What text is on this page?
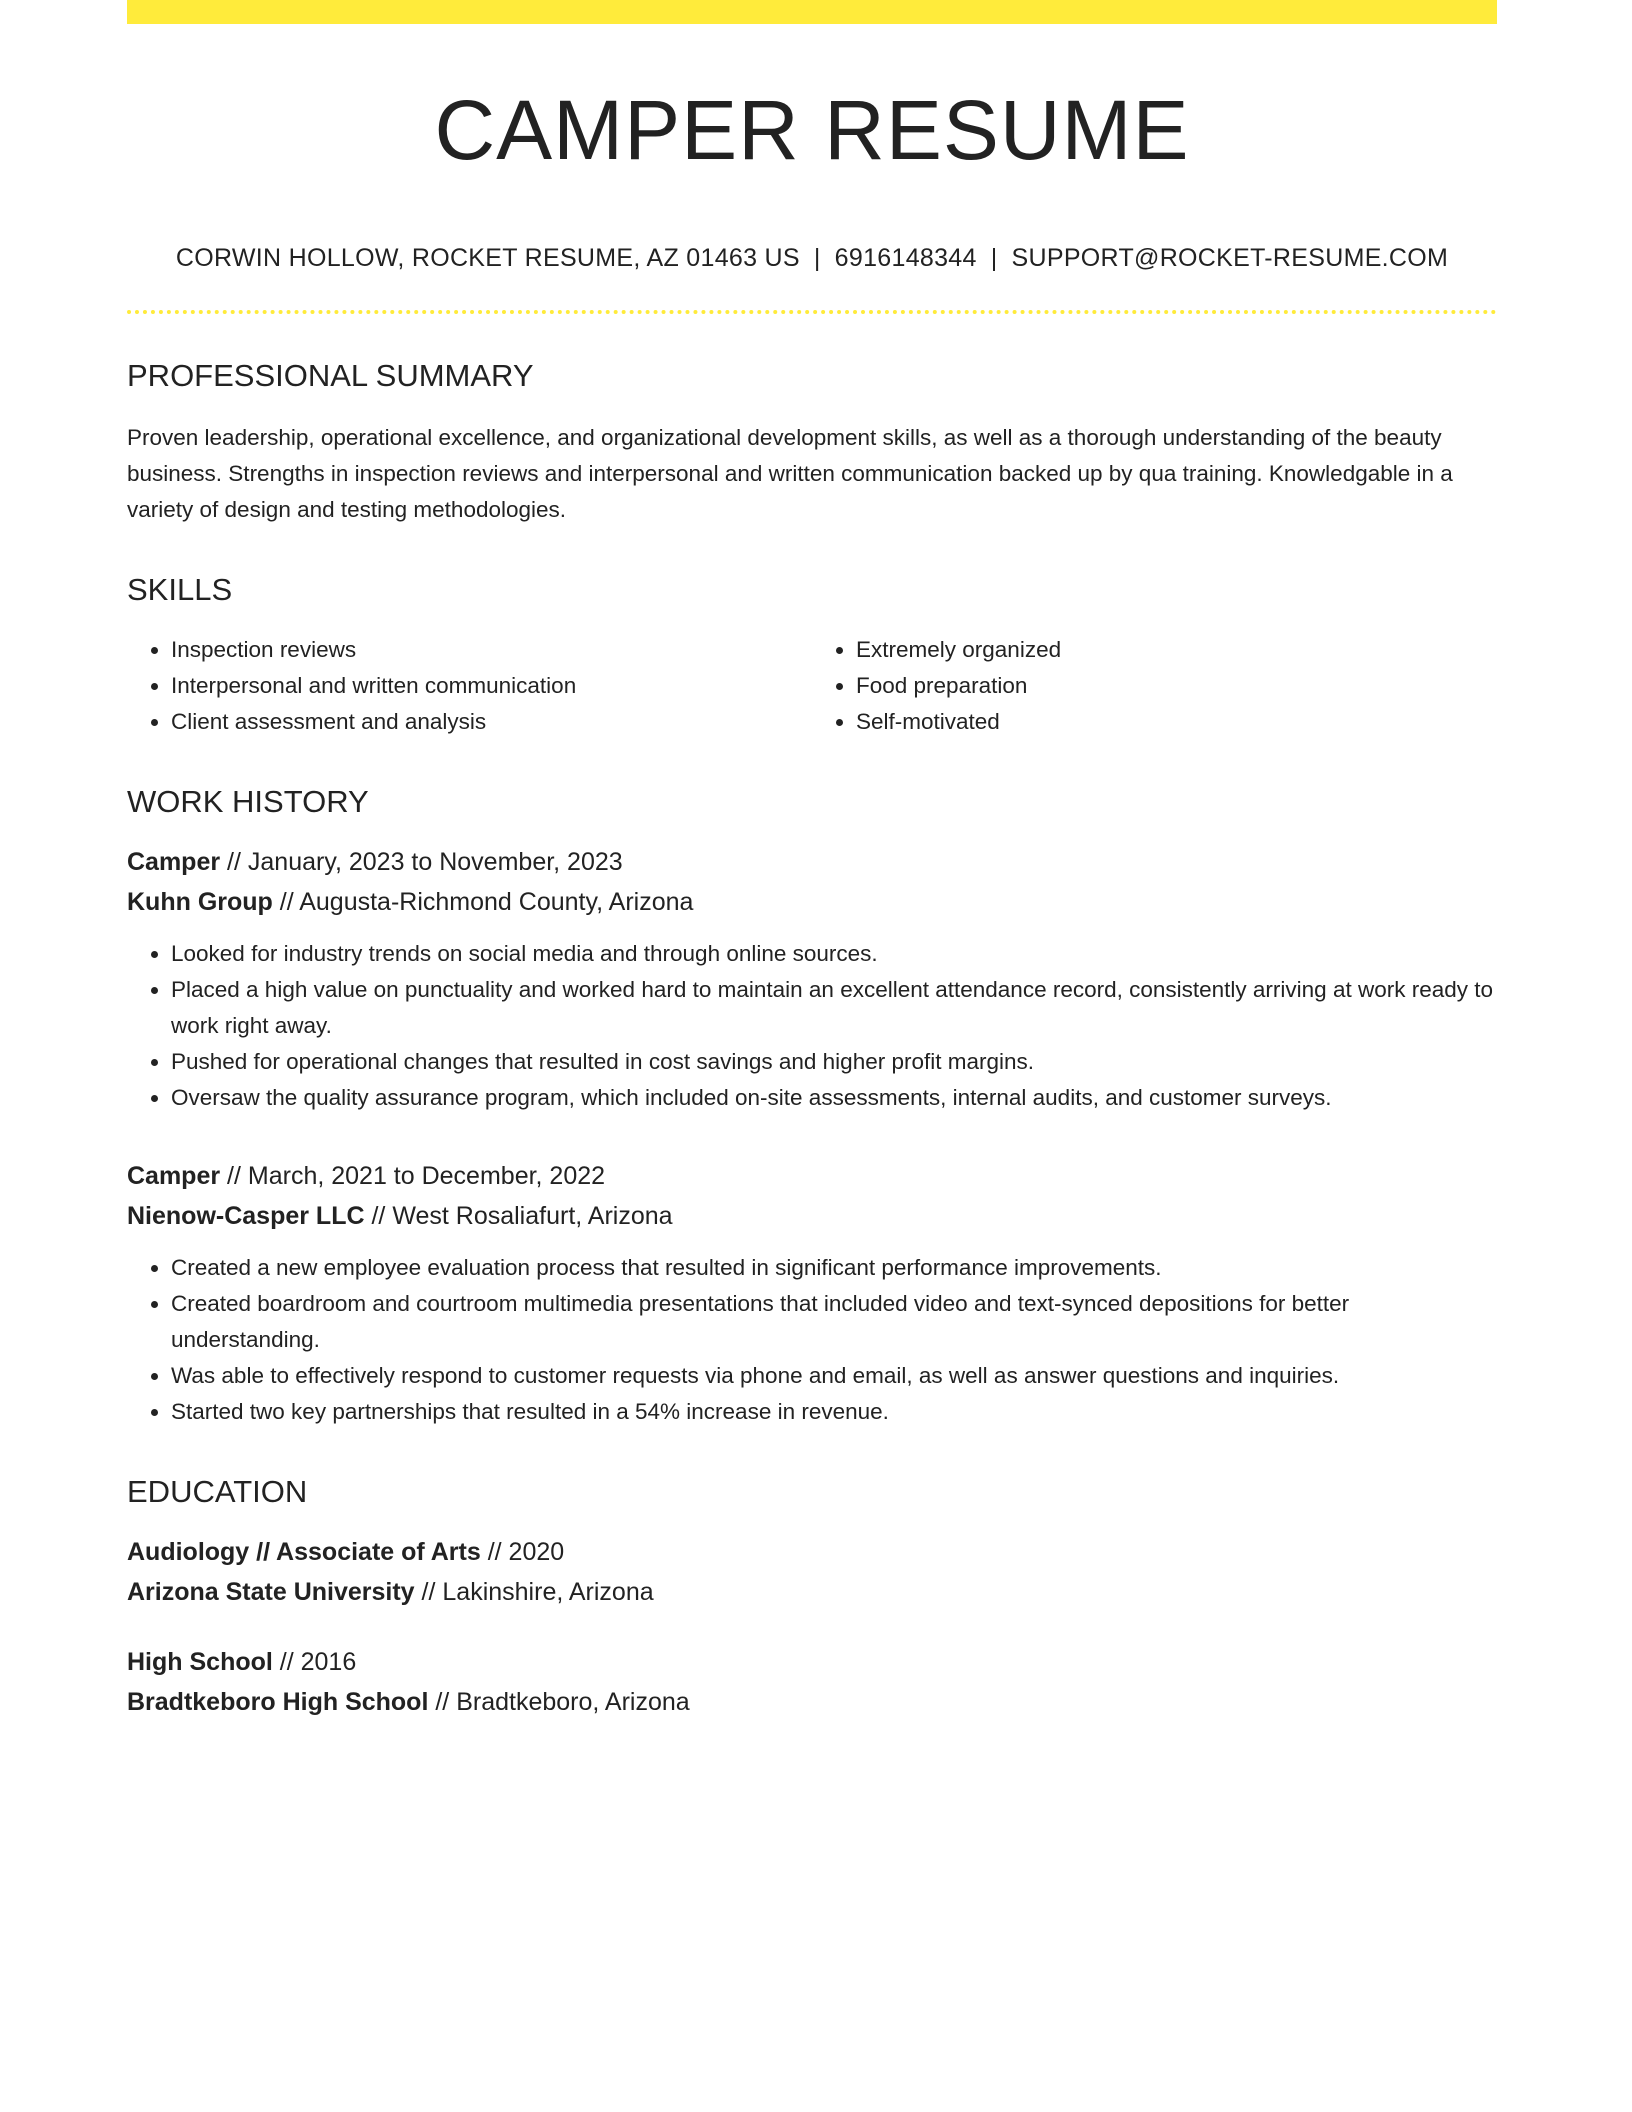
CAMPER RESUME
CORWIN HOLLOW, ROCKET RESUME, AZ 01463 US | 6916148344 | SUPPORT@ROCKET-RESUME.COM
PROFESSIONAL SUMMARY
Proven leadership, operational excellence, and organizational development skills, as well as a thorough understanding of the beauty business. Strengths in inspection reviews and interpersonal and written communication backed up by qua training. Knowledgable in a variety of design and testing methodologies.
SKILLS
• Inspection reviews
• Interpersonal and written communication
• Client assessment and analysis
• Extremely organized
• Food preparation
• Self-motivated
WORK HISTORY
Camper // January, 2023 to November, 2023
Kuhn Group // Augusta-Richmond County, Arizona
• Looked for industry trends on social media and through online sources.
• Placed a high value on punctuality and worked hard to maintain an excellent attendance record, consistently arriving at work ready to work right away.
• Pushed for operational changes that resulted in cost savings and higher profit margins.
• Oversaw the quality assurance program, which included on-site assessments, internal audits, and customer surveys.
Camper // March, 2021 to December, 2022
Nienow-Casper LLC // West Rosaliafurt, Arizona
• Created a new employee evaluation process that resulted in significant performance improvements.
• Created boardroom and courtroom multimedia presentations that included video and text-synced depositions for better understanding.
• Was able to effectively respond to customer requests via phone and email, as well as answer questions and inquiries.
• Started two key partnerships that resulted in a 54% increase in revenue.
EDUCATION
Audiology // Associate of Arts // 2020
Arizona State University // Lakinshire, Arizona
High School // 2016
Bradtkeboro High School // Bradtkeboro, Arizona
